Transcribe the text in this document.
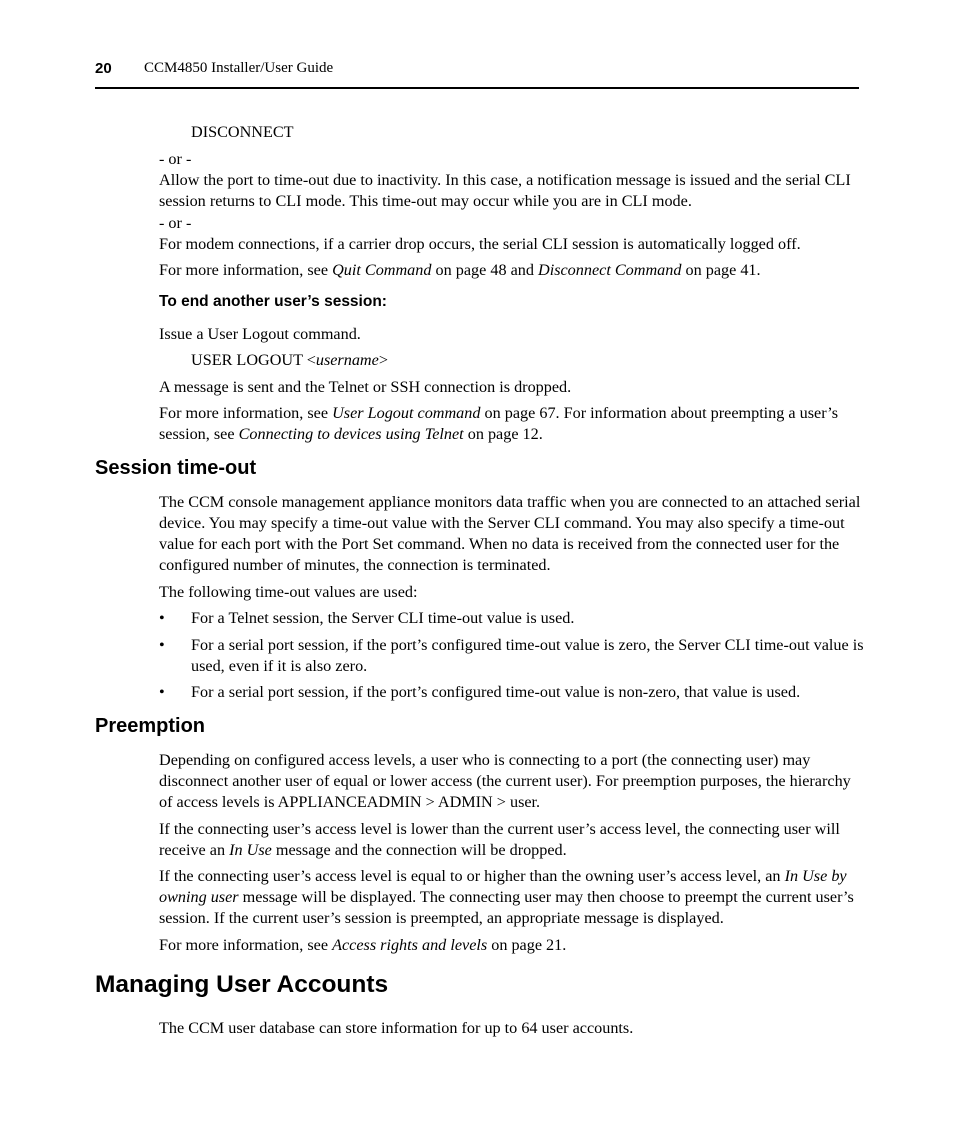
20 CCM4850 Installer/User Guide
DISCONNECT
- or -

Allow the port to time-out due to inactivity. In this case, a notification message is issued and the serial CLI session returns to CLI mode. This time-out may occur while you are in CLI mode.

- or -

For modem connections, if a carrier drop occurs, the serial CLI session is automatically logged off.

For more information, see Quit Command on page 48 and Disconnect Command on page 41.

To end another user’s session:

Issue a User Logout command.

USER LOGOUT <username>

A message is sent and the Telnet or SSH connection is dropped.

For more information, see User Logout command on page 67. For information about preempting a user’s session, see Connecting to devices using Telnet on page 12.

Session time-out

The CCM console management appliance monitors data traffic when you are connected to an attached serial device. You may specify a time-out value with the Server CLI command. You may also specify a time-out value for each port with the Port Set command. When no data is received from the connected user for the configured number of minutes, the connection is terminated.

The following time-out values are used:

• For a Telnet session, the Server CLI time-out value is used.
• For a serial port session, if the port’s configured time-out value is zero, the Server CLI time-out value is used, even if it is also zero.
• For a serial port session, if the port’s configured time-out value is non-zero, that value is used.
Preemption

Depending on configured access levels, a user who is connecting to a port (the connecting user) may disconnect another user of equal or lower access (the current user). For preemption purposes, the hierarchy of access levels is APPLIANCEADMIN > ADMIN > user.

If the connecting user’s access level is lower than the current user’s access level, the connecting user will receive an In Use message and the connection will be dropped.

If the connecting user’s access level is equal to or higher than the owning user’s access level, an In Use by owning user message will be displayed. The connecting user may then choose to preempt the current user’s session. If the current user’s session is preempted, an appropriate message is displayed.

For more information, see Access rights and levels on page 21.

Managing User Accounts

The CCM user database can store information for up to 64 user accounts.
